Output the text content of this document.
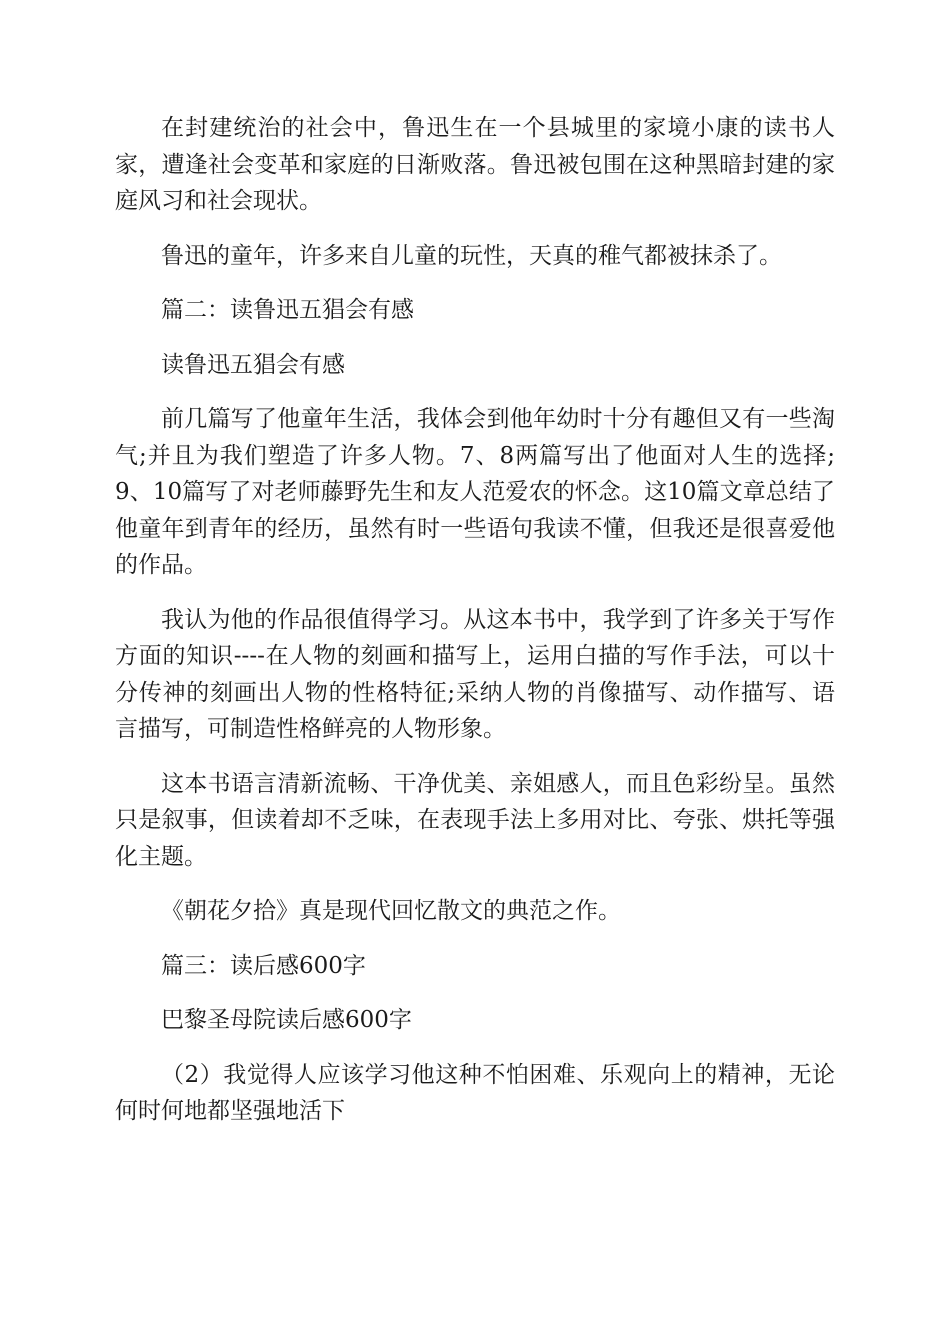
在封建统治的社会中，鲁迅生在一个县城里的家境小康的读书人家，遭逢社会变革和家庭的日渐败落。鲁迅被包围在这种黑暗封建的家庭风习和社会现状。

鲁迅的童年，许多来自儿童的玩性，天真的稚气都被抹杀了。

篇二：读鲁迅五猖会有感

读鲁迅五猖会有感

前几篇写了他童年生活，我体会到他年幼时十分有趣但又有一些淘气;并且为我们塑造了许多人物。7、8两篇写出了他面对人生的选择;9、10篇写了对老师藤野先生和友人范爱农的怀念。这10篇文章总结了他童年到青年的经历，虽然有时一些语句我读不懂，但我还是很喜爱他的作品。

我认为他的作品很值得学习。从这本书中，我学到了许多关于写作方面的知识----在人物的刻画和描写上，运用白描的写作手法，可以十分传神的刻画出人物的性格特征;采纳人物的肖像描写、动作描写、语言描写，可制造性格鲜亮的人物形象。

这本书语言清新流畅、干净优美、亲姐感人，而且色彩纷呈。虽然只是叙事，但读着却不乏味，在表现手法上多用对比、夸张、烘托等强化主题。

《朝花夕拾》真是现代回忆散文的典范之作。

篇三：读后感600字

巴黎圣母院读后感600字

（2）我觉得人应该学习他这种不怕困难、乐观向上的精神，无论何时何地都坚强地活下
